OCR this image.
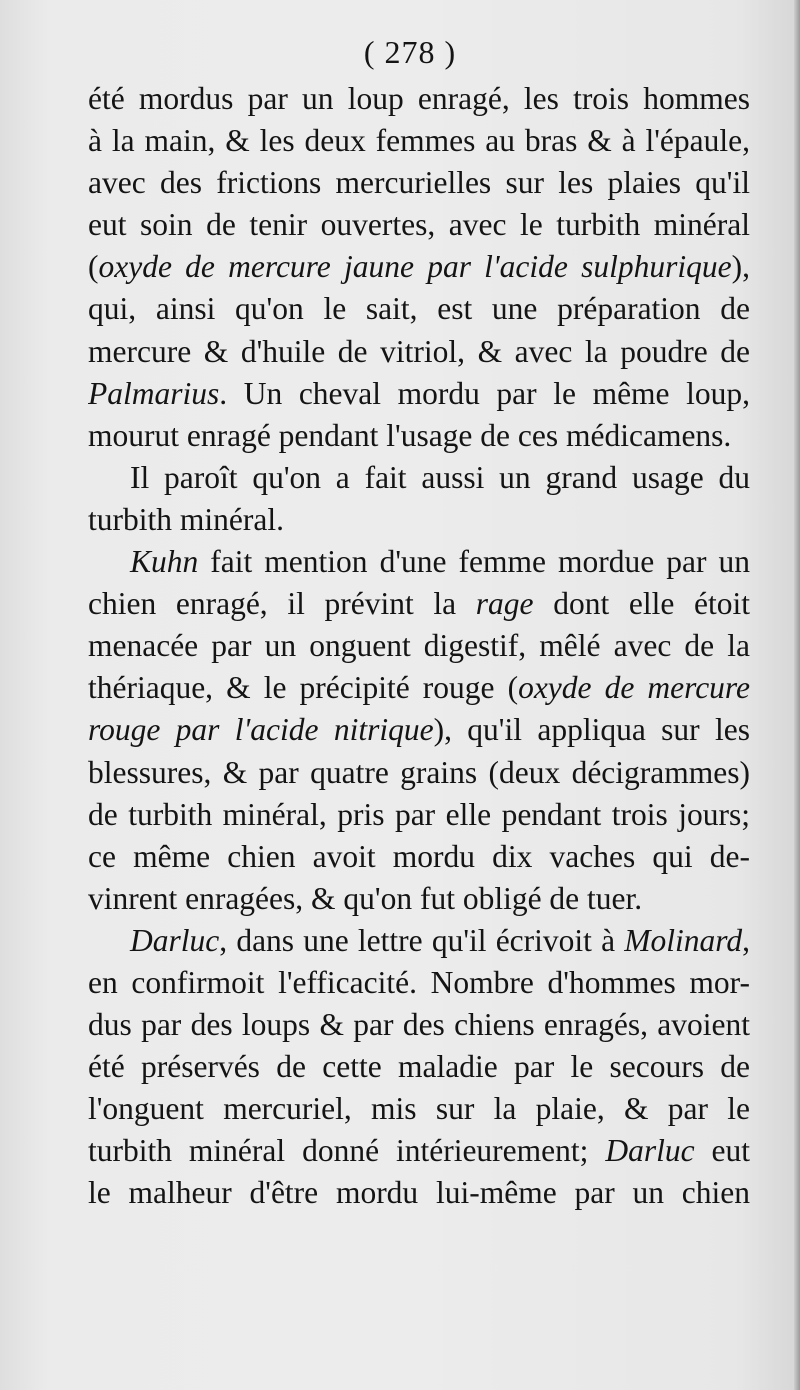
( 278 )
été mordus par un loup enragé, les trois hommes
à la main, & les deux femmes au bras & à l'épaule,
avec des frictions mercurielles sur les plaies qu'il
eut soin de tenir ouvertes, avec le turbith minéral
(oxyde de mercure jaune par l'acide sulphurique),
qui, ainsi qu'on le sait, est une préparation de
mercure & d'huile de vitriol, & avec la poudre de
Palmarius. Un cheval mordu par le même loup,
mourut enragé pendant l'usage de ces médicamens.
Il paroît qu'on a fait aussi un grand usage du
turbith minéral.
Kuhn fait mention d'une femme mordue par un
chien enragé, il prévint la rage dont elle étoit
menacée par un onguent digestif, mêlé avec de la
thériaque, & le précipité rouge (oxyde de mercure
rouge par l'acide nitrique), qu'il appliqua sur les
blessures, & par quatre grains (deux décigrammes)
de turbith minéral, pris par elle pendant trois jours;
ce même chien avoit mordu dix vaches qui de-
vinrent enragées, & qu'on fut obligé de tuer.
Darluc, dans une lettre qu'il écrivoit à Molinard,
en confirmoit l'efficacité. Nombre d'hommes mor-
dus par des loups & par des chiens enragés, avoient
été préservés de cette maladie par le secours de
l'onguent mercuriel, mis sur la plaie, & par le
turbith minéral donné intérieurement; Darluc eut
le malheur d'être mordu lui-même par un chien
